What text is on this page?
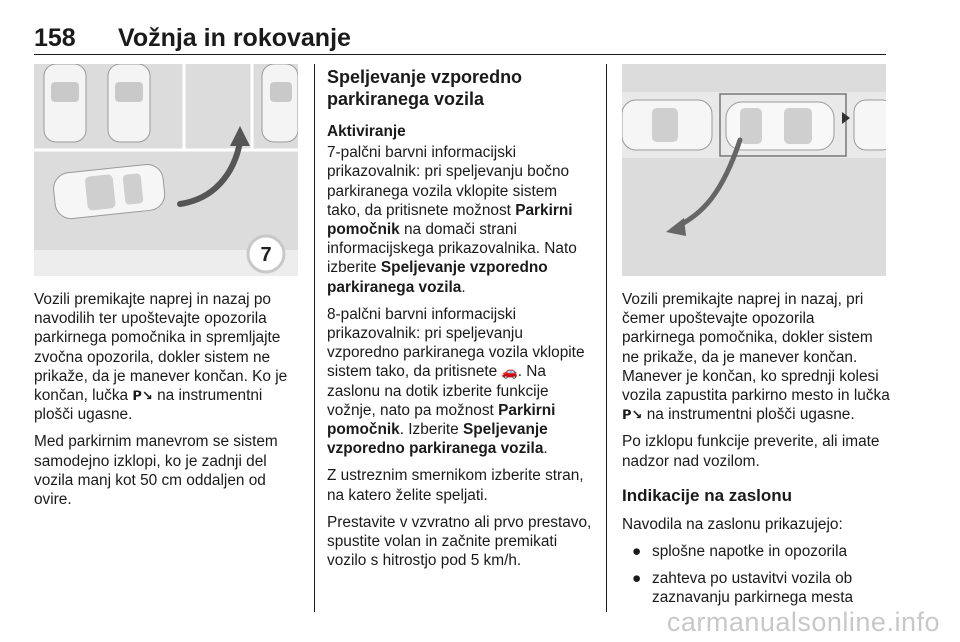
158 Vožnja in rokovanje
7

Vozili premikajte naprej in nazaj po navodilih ter upoštevajte opozorila parkirnega pomočnika in spremljajte zvočna opozorila, dokler sistem ne prikaže, da je manever končan. Ko je končan, lučka 𝗣↘ na instrumentni plošči ugasne.

Med parkirnim manevrom se sistem samodejno izklopi, ko je zadnji del vozila manj kot 50 cm oddaljen od ovire.

Speljevanje vzporedno parkiranega vozila
Aktiviranje

7-palčni barvni informacijski prikazovalnik: pri speljevanju bočno parkiranega vozila vklopite sistem tako, da pritisnete možnost Parkirni pomočnik na domači strani informacijskega prikazovalnika. Nato izberite Speljevanje vzporedno parkiranega vozila.

8-palčni barvni informacijski prikazovalnik: pri speljevanju vzporedno parkiranega vozila vklopite sistem tako, da pritisnete 🚗. Na zaslonu na dotik izberite funkcije vožnje, nato pa možnost Parkirni pomočnik. Izberite Speljevanje vzporedno parkiranega vozila.

Z ustreznim smernikom izberite stran, na katero želite speljati.

Prestavite v vzvratno ali prvo prestavo, spustite volan in začnite premikati vozilo s hitrostjo pod 5 km/h.

Vozili premikajte naprej in nazaj, pri čemer upoštevajte opozorila parkirnega pomočnika, dokler sistem ne prikaže, da je manever končan. Manever je končan, ko sprednji kolesi vozila zapustita parkirno mesto in lučka 𝗣↘ na instrumentni plošči ugasne.

Po izklopu funkcije preverite, ali imate nadzor nad vozilom.

Indikacije na zaslonu

Navodila na zaslonu prikazujejo:

● splošne napotke in opozorila
● zahteva po ustavitvi vozila ob zaznavanju parkirnega mesta
carmanualsonline.info
